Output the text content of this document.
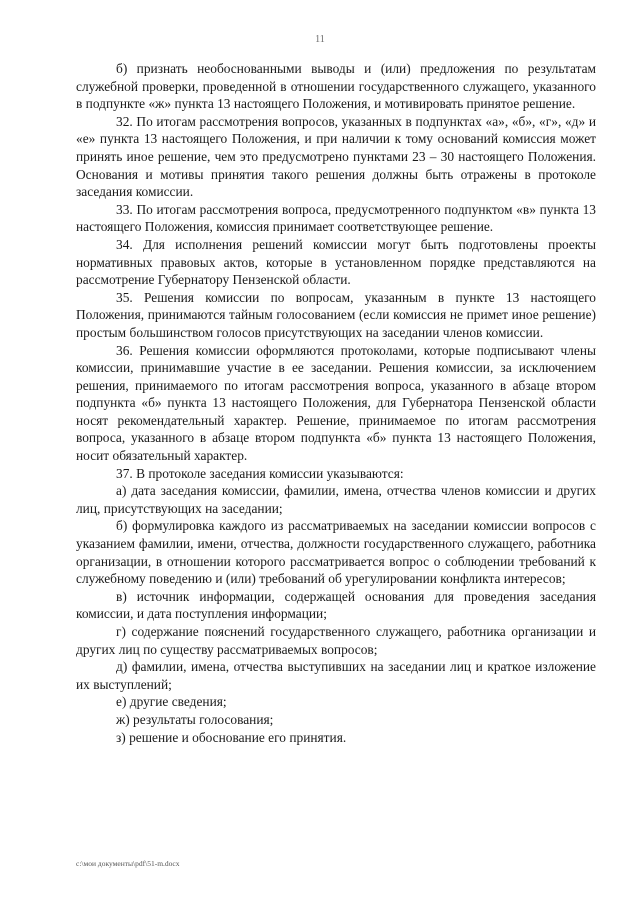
11

б) признать необоснованными выводы и (или) предложения по результатам служебной проверки, проведенной в отношении государственного служащего, указанного в подпункте «ж» пункта 13 настоящего Положения, и мотивировать принятое решение.

32. По итогам рассмотрения вопросов, указанных в подпунктах «а», «б», «г», «д» и «е» пункта 13 настоящего Положения, и при наличии к тому оснований комиссия может принять иное решение, чем это предусмотрено пунктами 23 – 30 настоящего Положения. Основания и мотивы принятия такого решения должны быть отражены в протоколе заседания комиссии.

33. По итогам рассмотрения вопроса, предусмотренного подпунктом «в» пункта 13 настоящего Положения, комиссия принимает соответствующее решение.

34. Для исполнения решений комиссии могут быть подготовлены проекты нормативных правовых актов, которые в установленном порядке представляются на рассмотрение Губернатору Пензенской области.

35. Решения комиссии по вопросам, указанным в пункте 13 настоящего Положения, принимаются тайным голосованием (если комиссия не примет иное решение) простым большинством голосов присутствующих на заседании членов комиссии.

36. Решения комиссии оформляются протоколами, которые подписывают члены комиссии, принимавшие участие в ее заседании. Решения комиссии, за исключением решения, принимаемого по итогам рассмотрения вопроса, указанного в абзаце втором подпункта «б» пункта 13 настоящего Положения, для Губернатора Пензенской области носят рекомендательный характер. Решение, принимаемое по итогам рассмотрения вопроса, указанного в абзаце втором подпункта «б» пункта 13 настоящего Положения, носит обязательный характер.

37. В протоколе заседания комиссии указываются:

а) дата заседания комиссии, фамилии, имена, отчества членов комиссии и других лиц, присутствующих на заседании;

б) формулировка каждого из рассматриваемых на заседании комиссии вопросов с указанием фамилии, имени, отчества, должности государственного служащего, работника организации, в отношении которого рассматривается вопрос о соблюдении требований к служебному поведению и (или) требований об урегулировании конфликта интересов;

в) источник информации, содержащей основания для проведения заседания комиссии, и дата поступления информации;

г) содержание пояснений государственного служащего, работника организации и других лиц по существу рассматриваемых вопросов;

д) фамилии, имена, отчества выступивших на заседании лиц и краткое изложение их выступлений;

е) другие сведения;

ж) результаты голосования;

з) решение и обоснование его принятия.

c:\мои документы\pdf\51-m.docx
